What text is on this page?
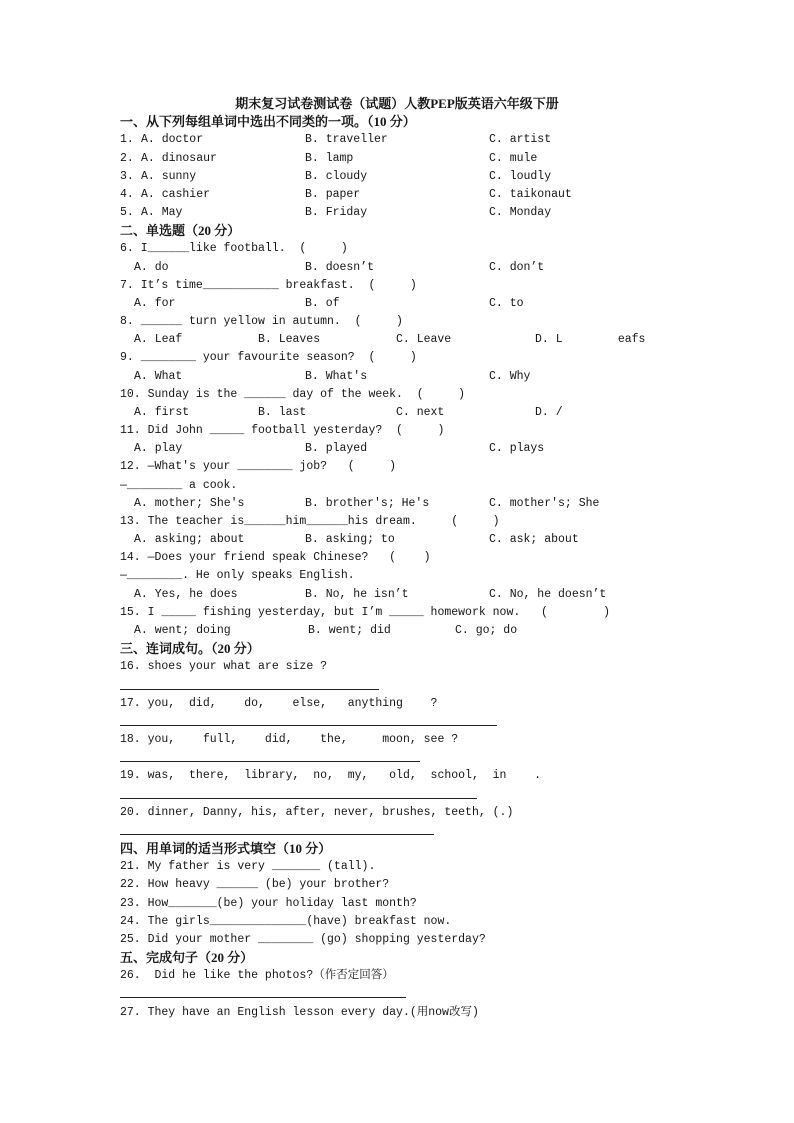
期末复习试卷测试卷（试题）人教PEP版英语六年级下册

一、从下列每组单词中选出不同类的一项。（10 分）

1.

A. doctor

	B. traveller

	C. artist

2.

A. dinosaur

	B. lamp

	C. mule

3.

A. sunny

	B. cloudy

	C. loudly

4.

A. cashier

	B. paper

	C. taikonaut

5.

A. May

	B. Friday

	C. Monday

二、单选题（20 分）

6. I______like football.  (     )

A. do

	B. doesn’t

	C. don’t

7. It’s time___________ breakfast.  (     )

A. for

	B. of

	C. to

8. ______ turn yellow in autumn.  (     )

A. Leaf

	B. Leaves

	C. Leave

	D. L        eafs

9. ________ your favourite season?  (     )

A. What

	B. What's

	C. Why

10. Sunday is the ______ day of the week.  (     )

A. first

	B. last

	C. next

	D. /

11. Did John _____ football yesterday?  (     )

A. play

	B. played

	C. plays

12. —What's your ________ job?   (     )

—________ a cook.

A. mother; She's

	B. brother's; He's

	C. mother's; She

13. The teacher is______him______his dream.     (     )

A. asking; about

	B. asking; to

	C. ask; about

14. —Does your friend speak Chinese?   (    )

—________. He only speaks English.

A. Yes, he does

	B. No, he isn’t

	C. No, he doesn’t

15. I _____ fishing yesterday, but I’m _____ homework now.   (        )

A. went; doing

	B. went; did

	C. go; do

三、连词成句。（20 分）

16. shoes your what are size ?

17. you,  did,    do,    else,   anything    ?

18. you,    full,    did,    the,     moon, see ?

19. was,  there,  library,  no,  my,   old,  school,  in    .

20. dinner, Danny, his, after, never, brushes, teeth, (.)

四、用单词的适当形式填空（10 分）

21. My father is very _______ (tall).

22. How heavy ______ (be) your brother?

23. How_______(be) your holiday last month?

24. The girls______________(have) breakfast now.

25. Did your mother ________ (go) shopping yesterday?

五、完成句子（20 分）

26.  Did he like the photos?（作否定回答）

27. They have an English lesson every day.(用now改写)
